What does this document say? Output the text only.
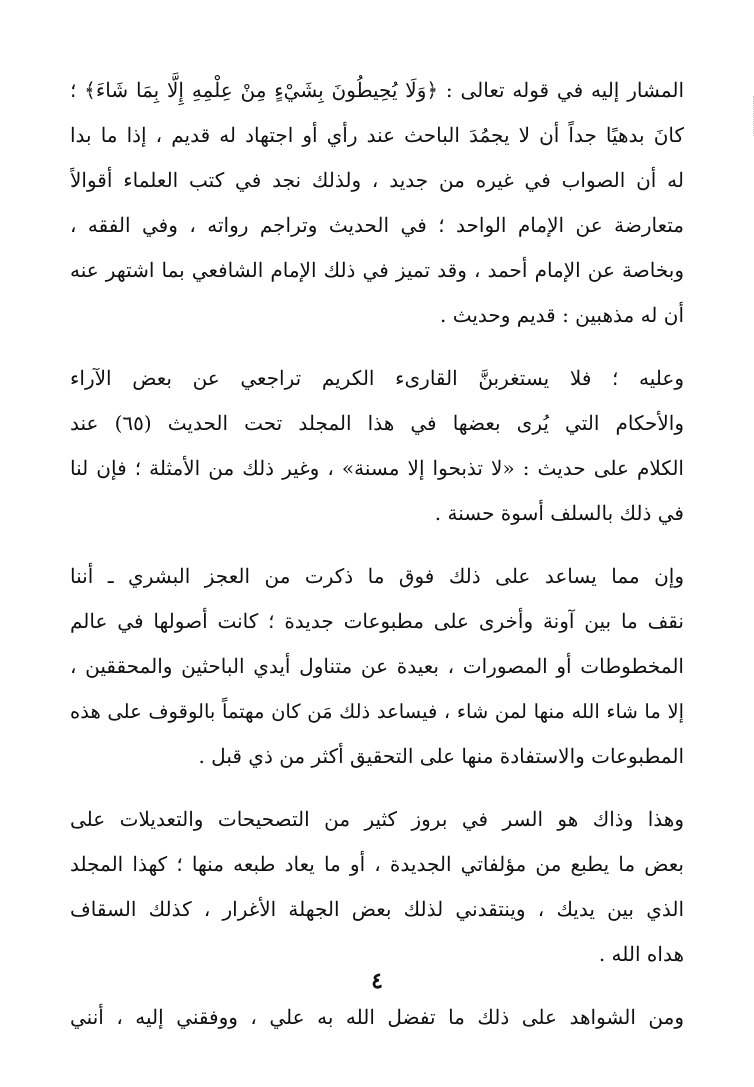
المشار إليه في قوله تعالى : ﴿وَلَا يُحِيطُونَ بِشَيْءٍ مِنْ عِلْمِهِ إِلَّا بِمَا شَاءَ﴾ ؛
كانَ بدهيًا جداً أن لا يجمُدَ الباحث عند رأي أو اجتهاد له قديم ، إذا ما بدا
له أن الصواب في غيره من جديد ، ولذلك نجد في كتب العلماء أقوالاً
متعارضة عن الإمام الواحد ؛ في الحديث وتراجم رواته ، وفي الفقه ،
وبخاصة عن الإمام أحمد ، وقد تميز في ذلك الإمام الشافعي بما اشتهر عنه
أن له مذهبين : قديم وحديث .
وعليه ؛ فلا يستغربنَّ القارىء الكريم تراجعي عن بعض الآراء
والأحكام التي يُرى بعضها في هذا المجلد تحت الحديث (٦٥) عند
الكلام على حديث : «لا تذبحوا إلا مسنة» ، وغير ذلك من الأمثلة ؛ فإن لنا
في ذلك بالسلف أسوة حسنة .
وإن مما يساعد على ذلك فوق ما ذكرت من العجز البشري ـ أننا
نقف ما بين آونة وأخرى على مطبوعات جديدة ؛ كانت أصولها في عالم
المخطوطات أو المصورات ، بعيدة عن متناول أيدي الباحثين والمحققين ،
إلا ما شاء الله منها لمن شاء ، فيساعد ذلك مَن كان مهتماً بالوقوف على هذه
المطبوعات والاستفادة منها على التحقيق أكثر من ذي قبل .
وهذا وذاك هو السر في بروز كثير من التصحيحات والتعديلات على
بعض ما يطبع من مؤلفاتي الجديدة ، أو ما يعاد طبعه منها ؛ كهذا المجلد
الذي بين يديك ، وينتقدني لذلك بعض الجهلة الأغرار ، كذلك السقاف
هداه الله .
ومن الشواهد على ذلك ما تفضل الله به علي ، ووفقني إليه ، أنني
٤
